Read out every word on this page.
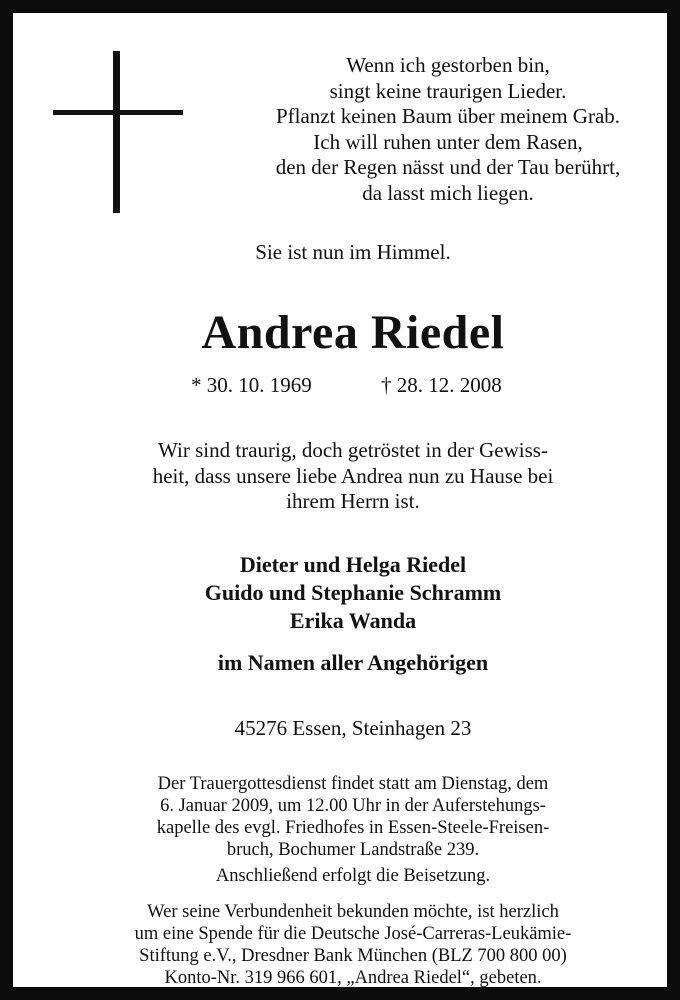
Wenn ich gestorben bin,
singt keine traurigen Lieder.
Pflanzt keinen Baum über meinem Grab.
Ich will ruhen unter dem Rasen,
den der Regen nässt und der Tau berührt,
da lasst mich liegen.
Sie ist nun im Himmel.
Andrea Riedel
* 30. 10. 1969	† 28. 12. 2008
Wir sind traurig, doch getröstet in der Gewiss-
heit, dass unsere liebe Andrea nun zu Hause bei
ihrem Herrn ist.
Dieter und Helga Riedel
Guido und Stephanie Schramm
Erika Wanda
im Namen aller Angehörigen
45276 Essen, Steinhagen 23
Der Trauergottesdienst findet statt am Dienstag, dem
6. Januar 2009, um 12.00 Uhr in der Auferstehungs-
kapelle des evgl. Friedhofes in Essen-Steele-Freisen-
bruch, Bochumer Landstraße 239.
Anschließend erfolgt die Beisetzung.
Wer seine Verbundenheit bekunden möchte, ist herzlich
um eine Spende für die Deutsche José-Carreras-Leukämie-
Stiftung e.V., Dresdner Bank München (BLZ 700 800 00)
Konto-Nr. 319 966 601, „Andrea Riedel“, gebeten.
